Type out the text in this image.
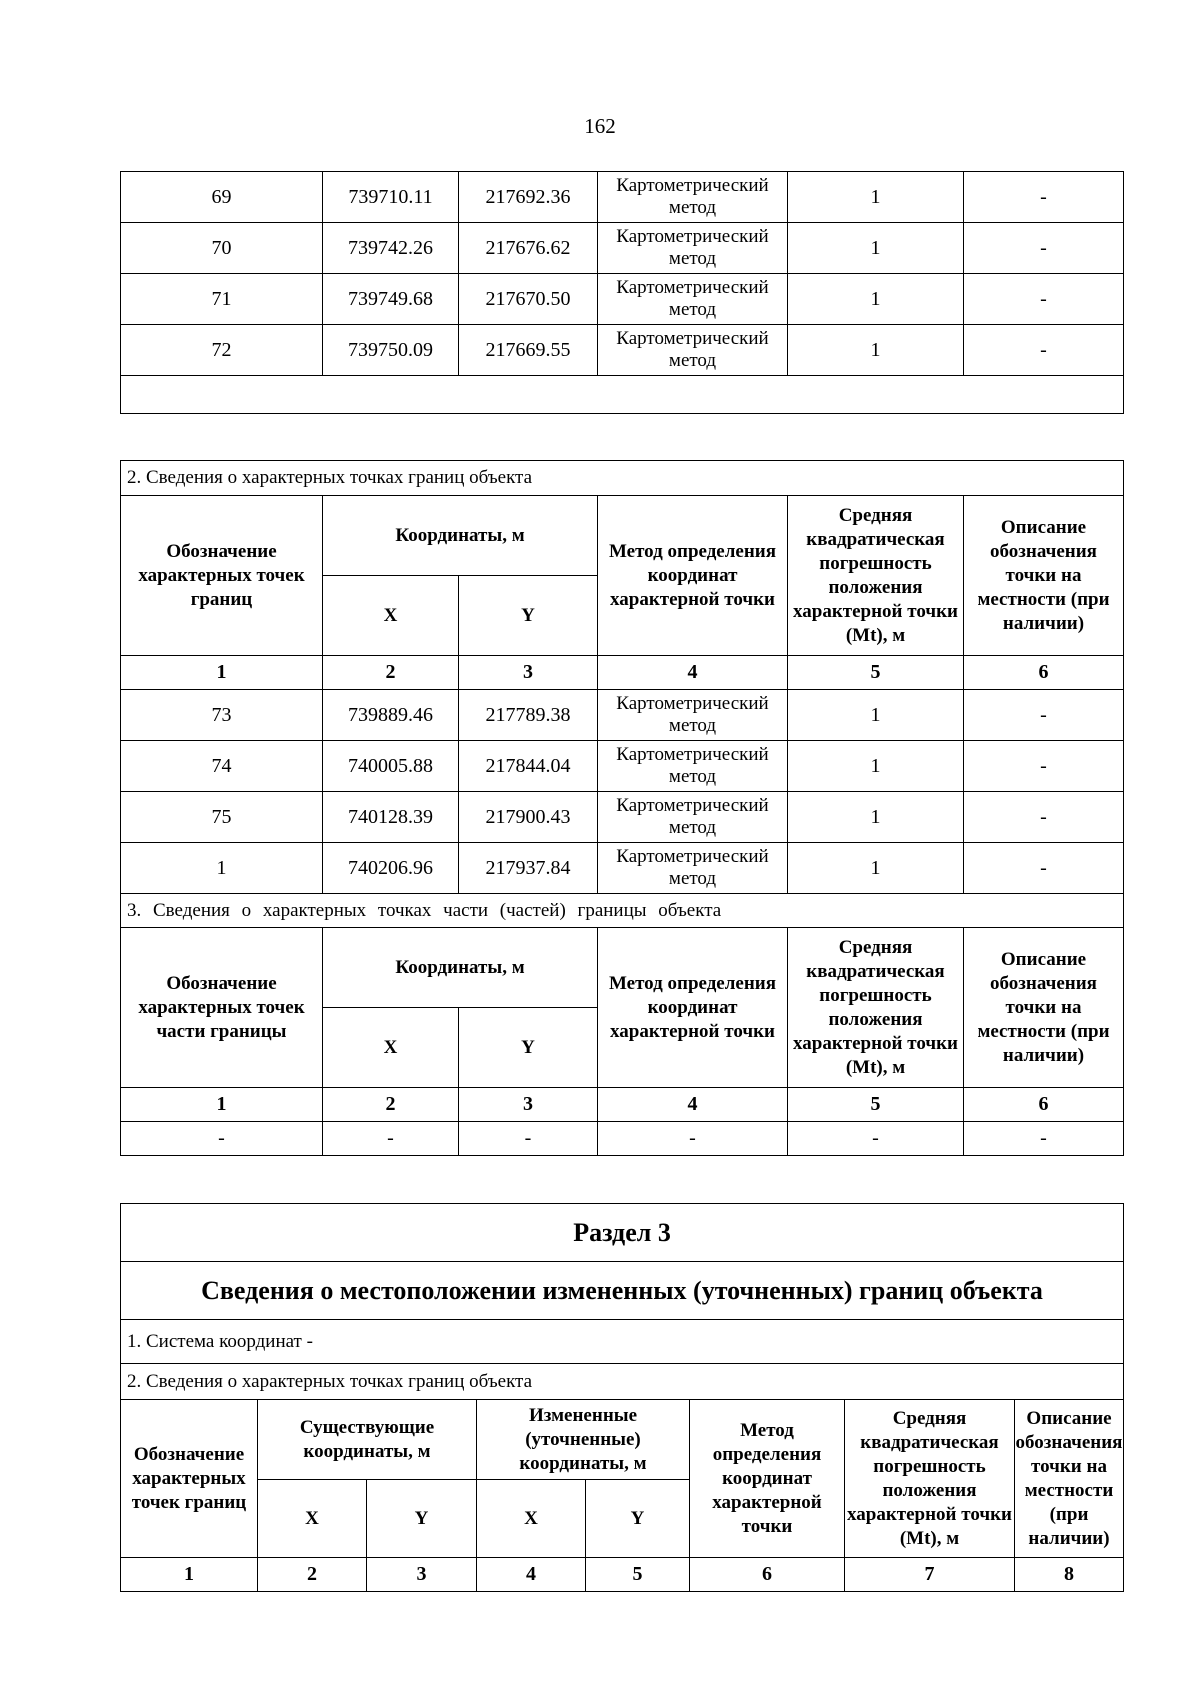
162
69	739710.11	217692.36	Картометрический метод	1	-
70	739742.26	217676.62	Картометрический метод	1	-
71	739749.68	217670.50	Картометрический метод	1	-
72	739750.09	217669.55	Картометрический метод	1	-

2. Сведения о характерных точках границ объекта					
Обозначение характерных точек границ	Координаты, м		Метод определения координат характерной точки	Средняя квадратическая погрешность положения характерной точки (Mt), м	Описание обозначения точки на местности (при наличии)
	X	Y			
1	2	3	4	5	6
73	739889.46	217789.38	Картометрический метод	1	-
74	740005.88	217844.04	Картометрический метод	1	-
75	740128.39	217900.43	Картометрический метод	1	-
1	740206.96	217937.84	Картометрический метод	1	-
3. Сведения о характерных точках части (частей) границы объекта					
Обозначение характерных точек части границы	Координаты, м		Метод определения координат характерной точки	Средняя квадратическая погрешность положения характерной точки (Mt), м	Описание обозначения точки на местности (при наличии)
	X	Y			
1	2	3	4	5	6
-	-	-	-	-	-
Раздел 3							
Сведения о местоположении измененных (уточненных) границ объекта							
1. Система координат -							
2. Сведения о характерных точках границ объекта							
Обозначение характерных точек границ	Существующие координаты, м		Измененные (уточненные) координаты, м		Метод определения координат характерной точки	Средняя квадратическая погрешность положения характерной точки (Mt), м	Описание обозначения точки на местности (при наличии)
	X	Y	X	Y			
1	2	3	4	5	6	7	8
